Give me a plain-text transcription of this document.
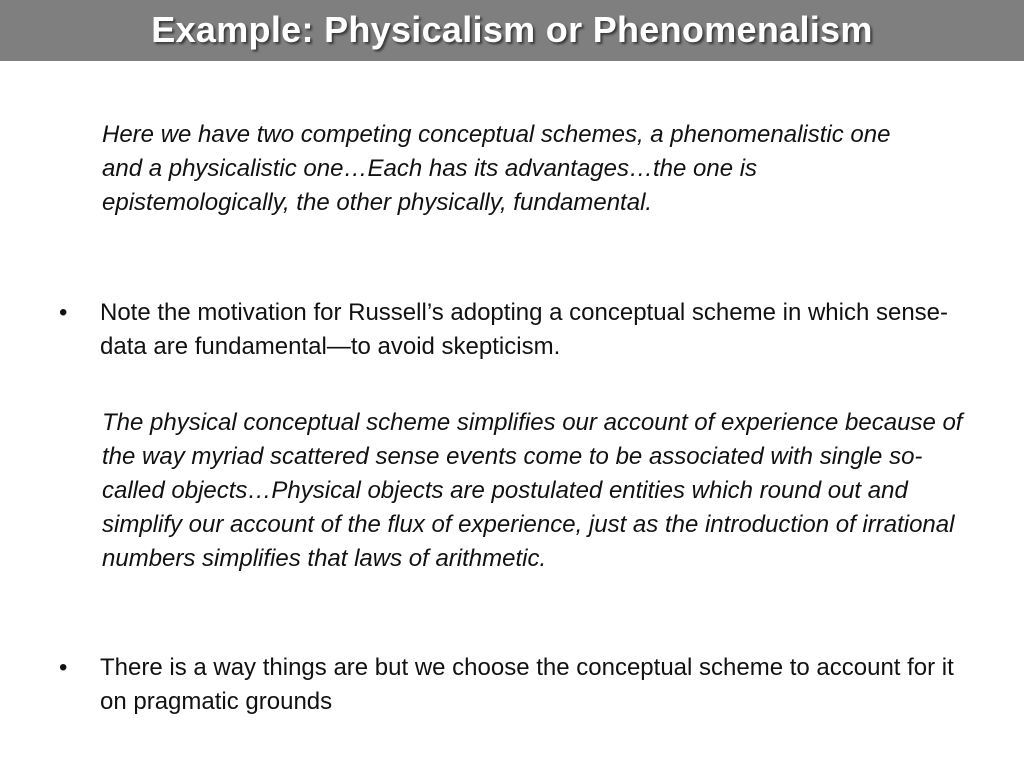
Example: Physicalism or Phenomenalism

Here we have two competing conceptual schemes, a phenomenalistic one and a physicalistic one…Each has its advantages…the one is epistemologically, the other physically, fundamental.

•	Note the motivation for Russell’s adopting a conceptual scheme in which sense-data are fundamental—to avoid skepticism.

The physical conceptual scheme simplifies our account of experience because of the way myriad scattered sense events come to be associated with single so-called objects…Physical objects are postulated entities which round out and simplify our account of the flux of experience, just as the introduction of irrational numbers simplifies that laws of arithmetic.

•	There is a way things are but we choose the conceptual scheme to account for it on pragmatic grounds
